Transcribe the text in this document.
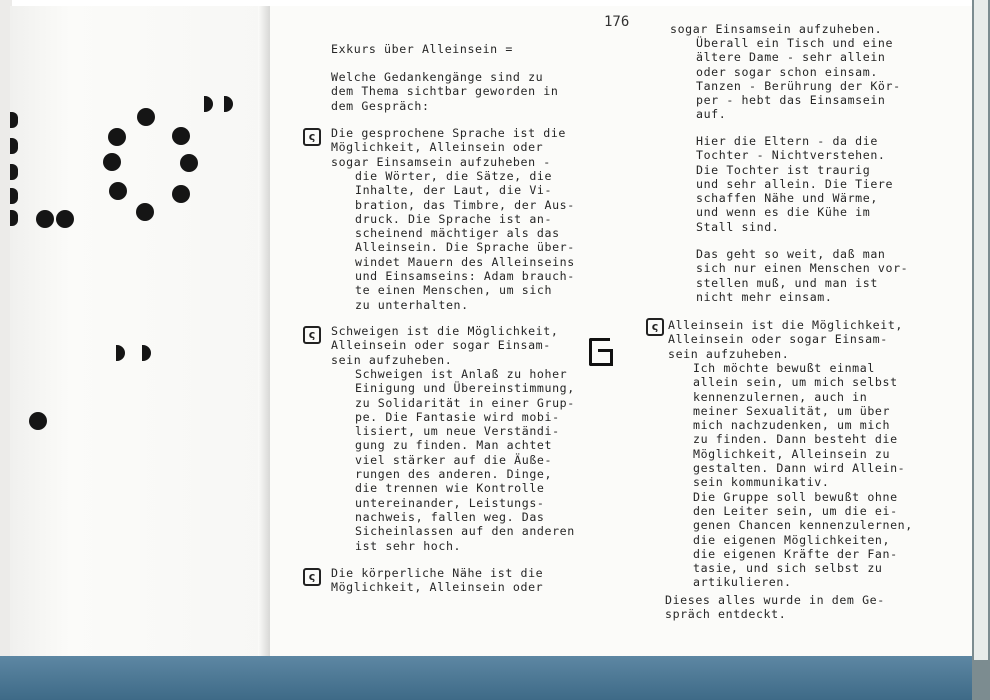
176
Exkurs über Alleinsein =
Welche Gedankengänge sind zu
dem Thema sichtbar geworden in
dem Gespräch:
ς	Die gesprochene Sprache ist die
Möglichkeit, Alleinsein oder
sogar Einsamsein aufzuheben -
die Wörter, die Sätze, die
Inhalte, der Laut, die Vi-
bration, das Timbre, der Aus-
druck. Die Sprache ist an-
scheinend mächtiger als das
Alleinsein. Die Sprache über-
windet Mauern des Alleinseins
und Einsamseins: Adam brauch-
te einen Menschen, um sich
zu unterhalten.
ς	Schweigen ist die Möglichkeit,
Alleinsein oder sogar Einsam-
sein aufzuheben.
Schweigen ist Anlaß zu hoher
Einigung und Übereinstimmung,
zu Solidarität in einer Grup-
pe. Die Fantasie wird mobi-
lisiert, um neue Verständi-
gung zu finden. Man achtet
viel stärker auf die Äuße-
rungen des anderen. Dinge,
die trennen wie Kontrolle
untereinander, Leistungs-
nachweis, fallen weg. Das
Sicheinlassen auf den anderen
ist sehr hoch.
ς	Die körperliche Nähe ist die
Möglichkeit, Alleinsein oder
sogar Einsamsein aufzuheben.
Überall ein Tisch und eine
ältere Dame - sehr allein
oder sogar schon einsam.
Tanzen - Berührung der Kör-
per - hebt das Einsamsein
auf.
Hier die Eltern - da die
Tochter - Nichtverstehen.
Die Tochter ist traurig
und sehr allein. Die Tiere
schaffen Nähe und Wärme,
und wenn es die Kühe im
Stall sind.
Das geht so weit, daß man
sich nur einen Menschen vor-
stellen muß, und man ist
nicht mehr einsam.
ς Alleinsein ist die Möglichkeit,
Alleinsein oder sogar Einsam-
sein aufzuheben.
Ich möchte bewußt einmal
allein sein, um mich selbst
kennenzulernen, auch in
meiner Sexualität, um über
mich nachzudenken, um mich
zu finden. Dann besteht die
Möglichkeit, Alleinsein zu
gestalten. Dann wird Allein-
sein kommunikativ.
Die Gruppe soll bewußt ohne
den Leiter sein, um die ei-
genen Chancen kennenzulernen,
die eigenen Möglichkeiten,
die eigenen Kräfte der Fan-
tasie, und sich selbst zu
artikulieren.
Dieses alles wurde in dem Ge-
spräch entdeckt.
